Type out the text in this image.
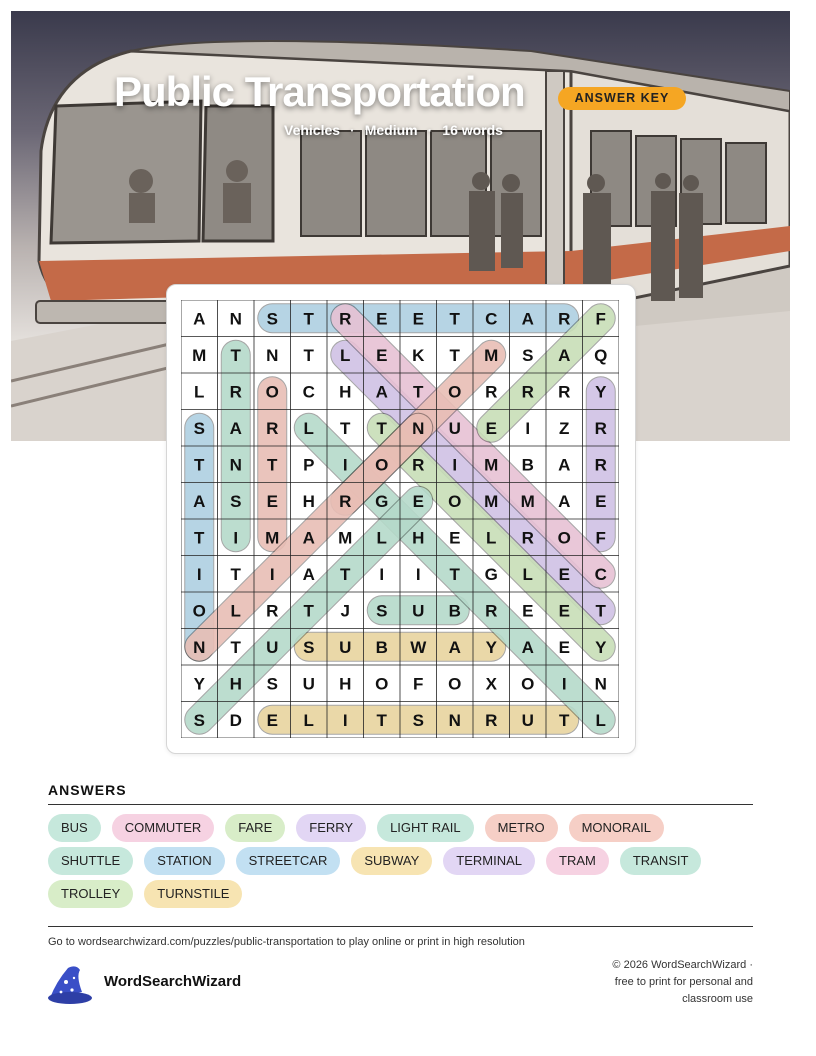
Public Transportation	ANSWER KEY
Vehicles · Medium · 16 words
A N S T R E E T C A R F
M T N T L E K T M S A Q
L R O C H A T O R R R Y
S A R L T T N U E I Z R
T N T P I O R I M B A R
A S E H R G E O M M A E
T I M A M L H E L R O F
I T I A T I I T G L E C
O L R T J S U B R E E T
N T U S U B W A Y A E Y
Y H S U H O F O X O I N
S D E L I T S N R U T L
ANSWERS
BUS	COMMUTER	FARE	FERRY	LIGHT RAIL	METRO	MONORAIL
SHUTTLE	STATION	STREETCAR	SUBWAY	TERMINAL	TRAM	TRANSIT
TROLLEY	TURNSTILE
Go to wordsearchwizard.com/puzzles/public-transportation to play online or print in high resolution
WordSearchWizard
© 2026 WordSearchWizard ·
free to print for personal and
classroom use
